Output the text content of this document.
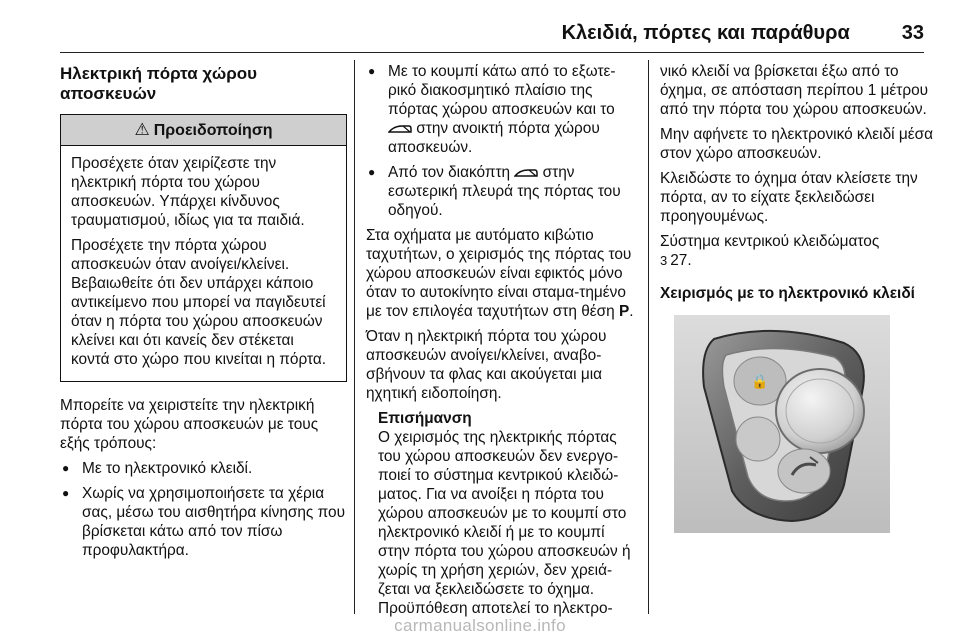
Κλειδιά, πόρτες και παράθυρα	33
Ηλεκτρική πόρτα χώρου αποσκευών
⚠ Προειδοποίηση

Προσέχετε όταν χειρίζεστε την ηλεκτρική πόρτα του χώρου αποσκευών. Υπάρχει κίνδυνος τραυματισμού, ιδίως για τα παιδιά.

Προσέχετε την πόρτα χώρου αποσκευών όταν ανοίγει/κλείνει. Βεβαιωθείτε ότι δεν υπάρχει κάποιο αντικείμενο που μπορεί να παγιδευτεί όταν η πόρτα του χώρου αποσκευών κλείνει και ότι κανείς δεν στέκεται κοντά στο χώρο που κινείται η πόρτα.

Μπορείτε να χειριστείτε την ηλεκτρική πόρτα του χώρου αποσκευών με τους εξής τρόπους:

● Με το ηλεκτρονικό κλειδί.
● Χωρίς να χρησιμοποιήσετε τα χέρια σας, μέσω του αισθητήρα κίνησης που βρίσκεται κάτω από τον πίσω προφυλακτήρα.
● Με το κουμπί κάτω από το εξωτε-ρικό διακοσμητικό πλαίσιο της πόρτας χώρου αποσκευών και το  στην ανοικτή πόρτα χώρου αποσκευών.
● Από τον διακόπτη στην εσωτερική πλευρά της πόρτας του οδηγού.

Στα οχήματα με αυτόματο κιβώτιο ταχυτήτων, ο χειρισμός της πόρτας του χώρου αποσκευών είναι εφικτός μόνο όταν το αυτοκίνητο είναι σταμα-τημένο με τον επιλογέα ταχυτήτων στη θέση P.

Όταν η ηλεκτρική πόρτα του χώρου αποσκευών ανοίγει/κλείνει, αναβο-σβήνουν τα φλας και ακούγεται μια ηχητική ειδοποίηση.

Επισήμανση

Ο χειρισμός της ηλεκτρικής πόρτας του χώρου αποσκευών δεν ενεργο-ποιεί το σύστημα κεντρικού κλειδώ-ματος. Για να ανοίξει η πόρτα του χώρου αποσκευών με το κουμπί στο ηλεκτρονικό κλειδί ή με το κουμπί στην πόρτα του χώρου αποσκευών ή χωρίς τη χρήση χεριών, δεν χρειά-ζεται να ξεκλειδώσετε το όχημα. Προϋπόθεση αποτελεί το ηλεκτρο-

νικό κλειδί να βρίσκεται έξω από το όχημα, σε απόσταση περίπου 1 μέτρου από την πόρτα του χώρου αποσκευών.

Μην αφήνετε το ηλεκτρονικό κλειδί μέσα στον χώρο αποσκευών.

Κλειδώστε το όχημα όταν κλείσετε την πόρτα, αν το είχατε ξεκλειδώσει προηγουμένως.

Σύστημα κεντρικού κλειδώματος
3 27.

Χειρισμός με το ηλεκτρονικό κλειδί
🔒
carmanualsonline.info
